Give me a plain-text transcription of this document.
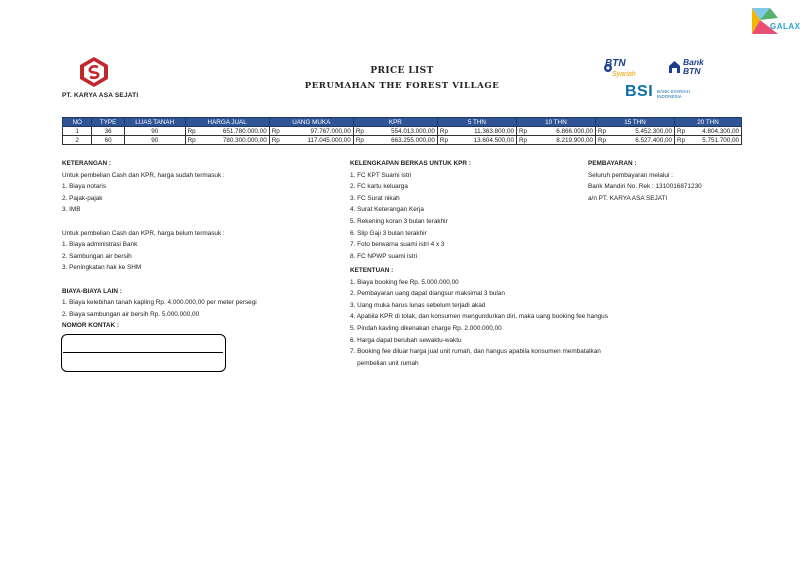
GALAX
PT. KARYA ASA SEJATI
PRICE LIST
PERUMAHAN THE FOREST VILLAGE
BTN
Syariah
Bank BTN
BSI BANK SYARIAH INDONESIA
NO	TYPE	LUAS TANAH	HARGA JUAL		UANG MUKA		KPR		5 THN		10 THN		15 THN		20 THN	
1	36	90	Rp	651.780.000,00	Rp	97.767.000,00	Rp	554.013.000,00	Rp	11.363.800,00	Rp	6.866.000,00	Rp	5.452.300,00	Rp	4.804.300,00
2	60	90	Rp	780.300.000,00	Rp	117.045.000,00	Rp	663.255.000,00	Rp	13.604.500,00	Rp	8.219.900,00	Rp	6.527.400,00	Rp	5.751.700,00
KETERANGAN :
Untuk pembelian Cash dan KPR, harga sudah termasuk :
1. Biaya notaris
2. Pajak-pajak
3. IMB
Untuk pembelian Cash dan KPR, harga belum termasuk :
1. Biaya administrasi Bank
2. Sambungan air bersih
3. Peningkatan hak ke SHM
BIAYA-BIAYA LAIN :
1. Biaya kelebihan tanah kapling Rp. 4.000.000,00 per meter persegi
2. Biaya sambungan air bersih Rp. 5.000.000,00
NOMOR KONTAK :
KELENGKAPAN BERKAS UNTUK KPR :
1. FC KPT Suami istri
2. FC kartu keluarga
3. FC Surat nikah
4. Surat Keterangan Kerja
5. Rekening koran 3 bulan terakhir
6. Slip Gaji 3 bulan terakhir
7. Foto berwarna suami istri 4 x 3
8. FC NPWP suami istri
KETENTUAN :
1. Biaya booking fee Rp. 5.000.000,00
2. Pembayaran uang dapat diangsur maksimal 3 bulan
3. Uang muka harus lunas sebelum terjadi akad
4. Apabila KPR di tolak, dan konsumen mengundurkan diri, maka uang booking fee hangus
5. Pindah kavling dikenakan charge Rp. 2.000.000,00
6. Harga dapat berubah sewaktu-waktu
7. Booking fee diluar harga jual unit rumah, dan hangus apabila konsumen membatalkan
pembelian unit rumah
PEMBAYARAN :
Seluruh pembayaran melalui :
Bank Mandiri No. Rek : 1310016871230
a/n PT. KARYA ASA SEJATI
